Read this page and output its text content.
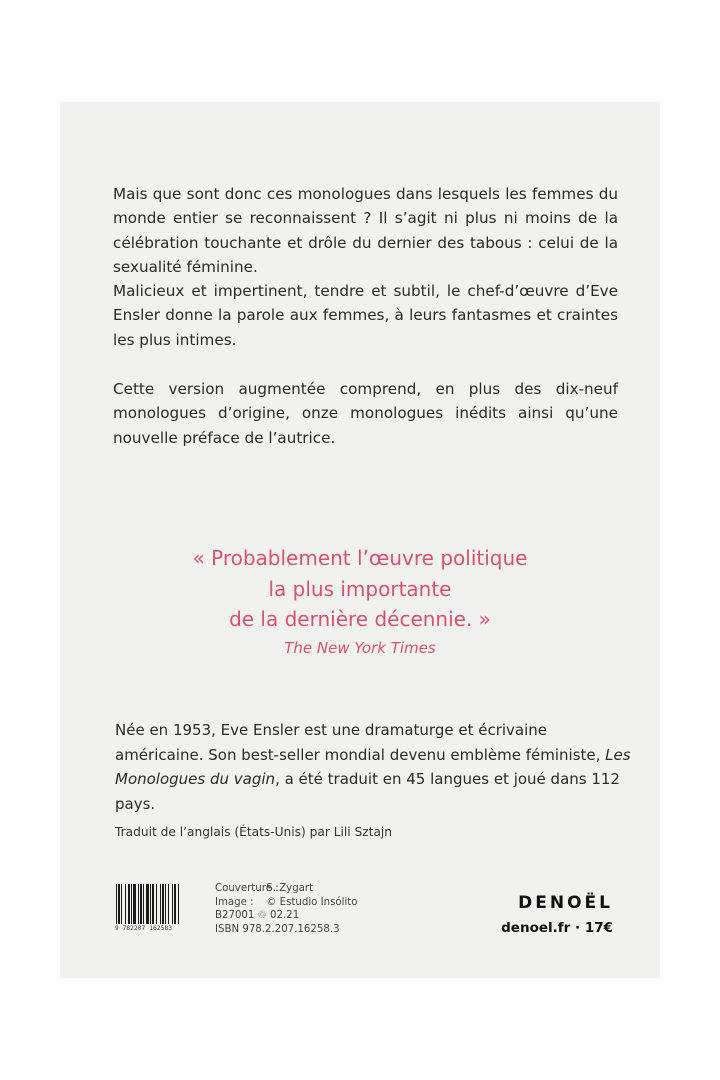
Mais que sont donc ces monologues dans lesquels les femmes du monde entier se reconnaissent ? Il s’agit ni plus ni moins de la célébration touchante et drôle du dernier des tabous : celui de la sexualité féminine.

Malicieux et impertinent, tendre et subtil, le chef-d’œuvre d’Eve Ensler donne la parole aux femmes, à leurs fantasmes et craintes les plus intimes.

Cette version augmentée comprend, en plus des dix-neuf monologues d’origine, onze monologues inédits ainsi qu’une nouvelle préface de l’autrice.

« Probablement l’œuvre politique
la plus importante
de la dernière décennie. »
The New York Times

Née en 1953, Eve Ensler est une dramaturge et écrivaine américaine. Son best-seller mondial devenu emblème féministe, Les Monologues du vagin, a été traduit en 45 langues et joué dans 112 pays.

Traduit de l’anglais (États-Unis) par Lili Sztajn
9 782207 162583
Couverture : S. Zygart
Image : © Estudio Insólito
B27001 ♲ 02.21
ISBN 978.2.207.16258.3
DENOËL
denoel.fr · 17€
